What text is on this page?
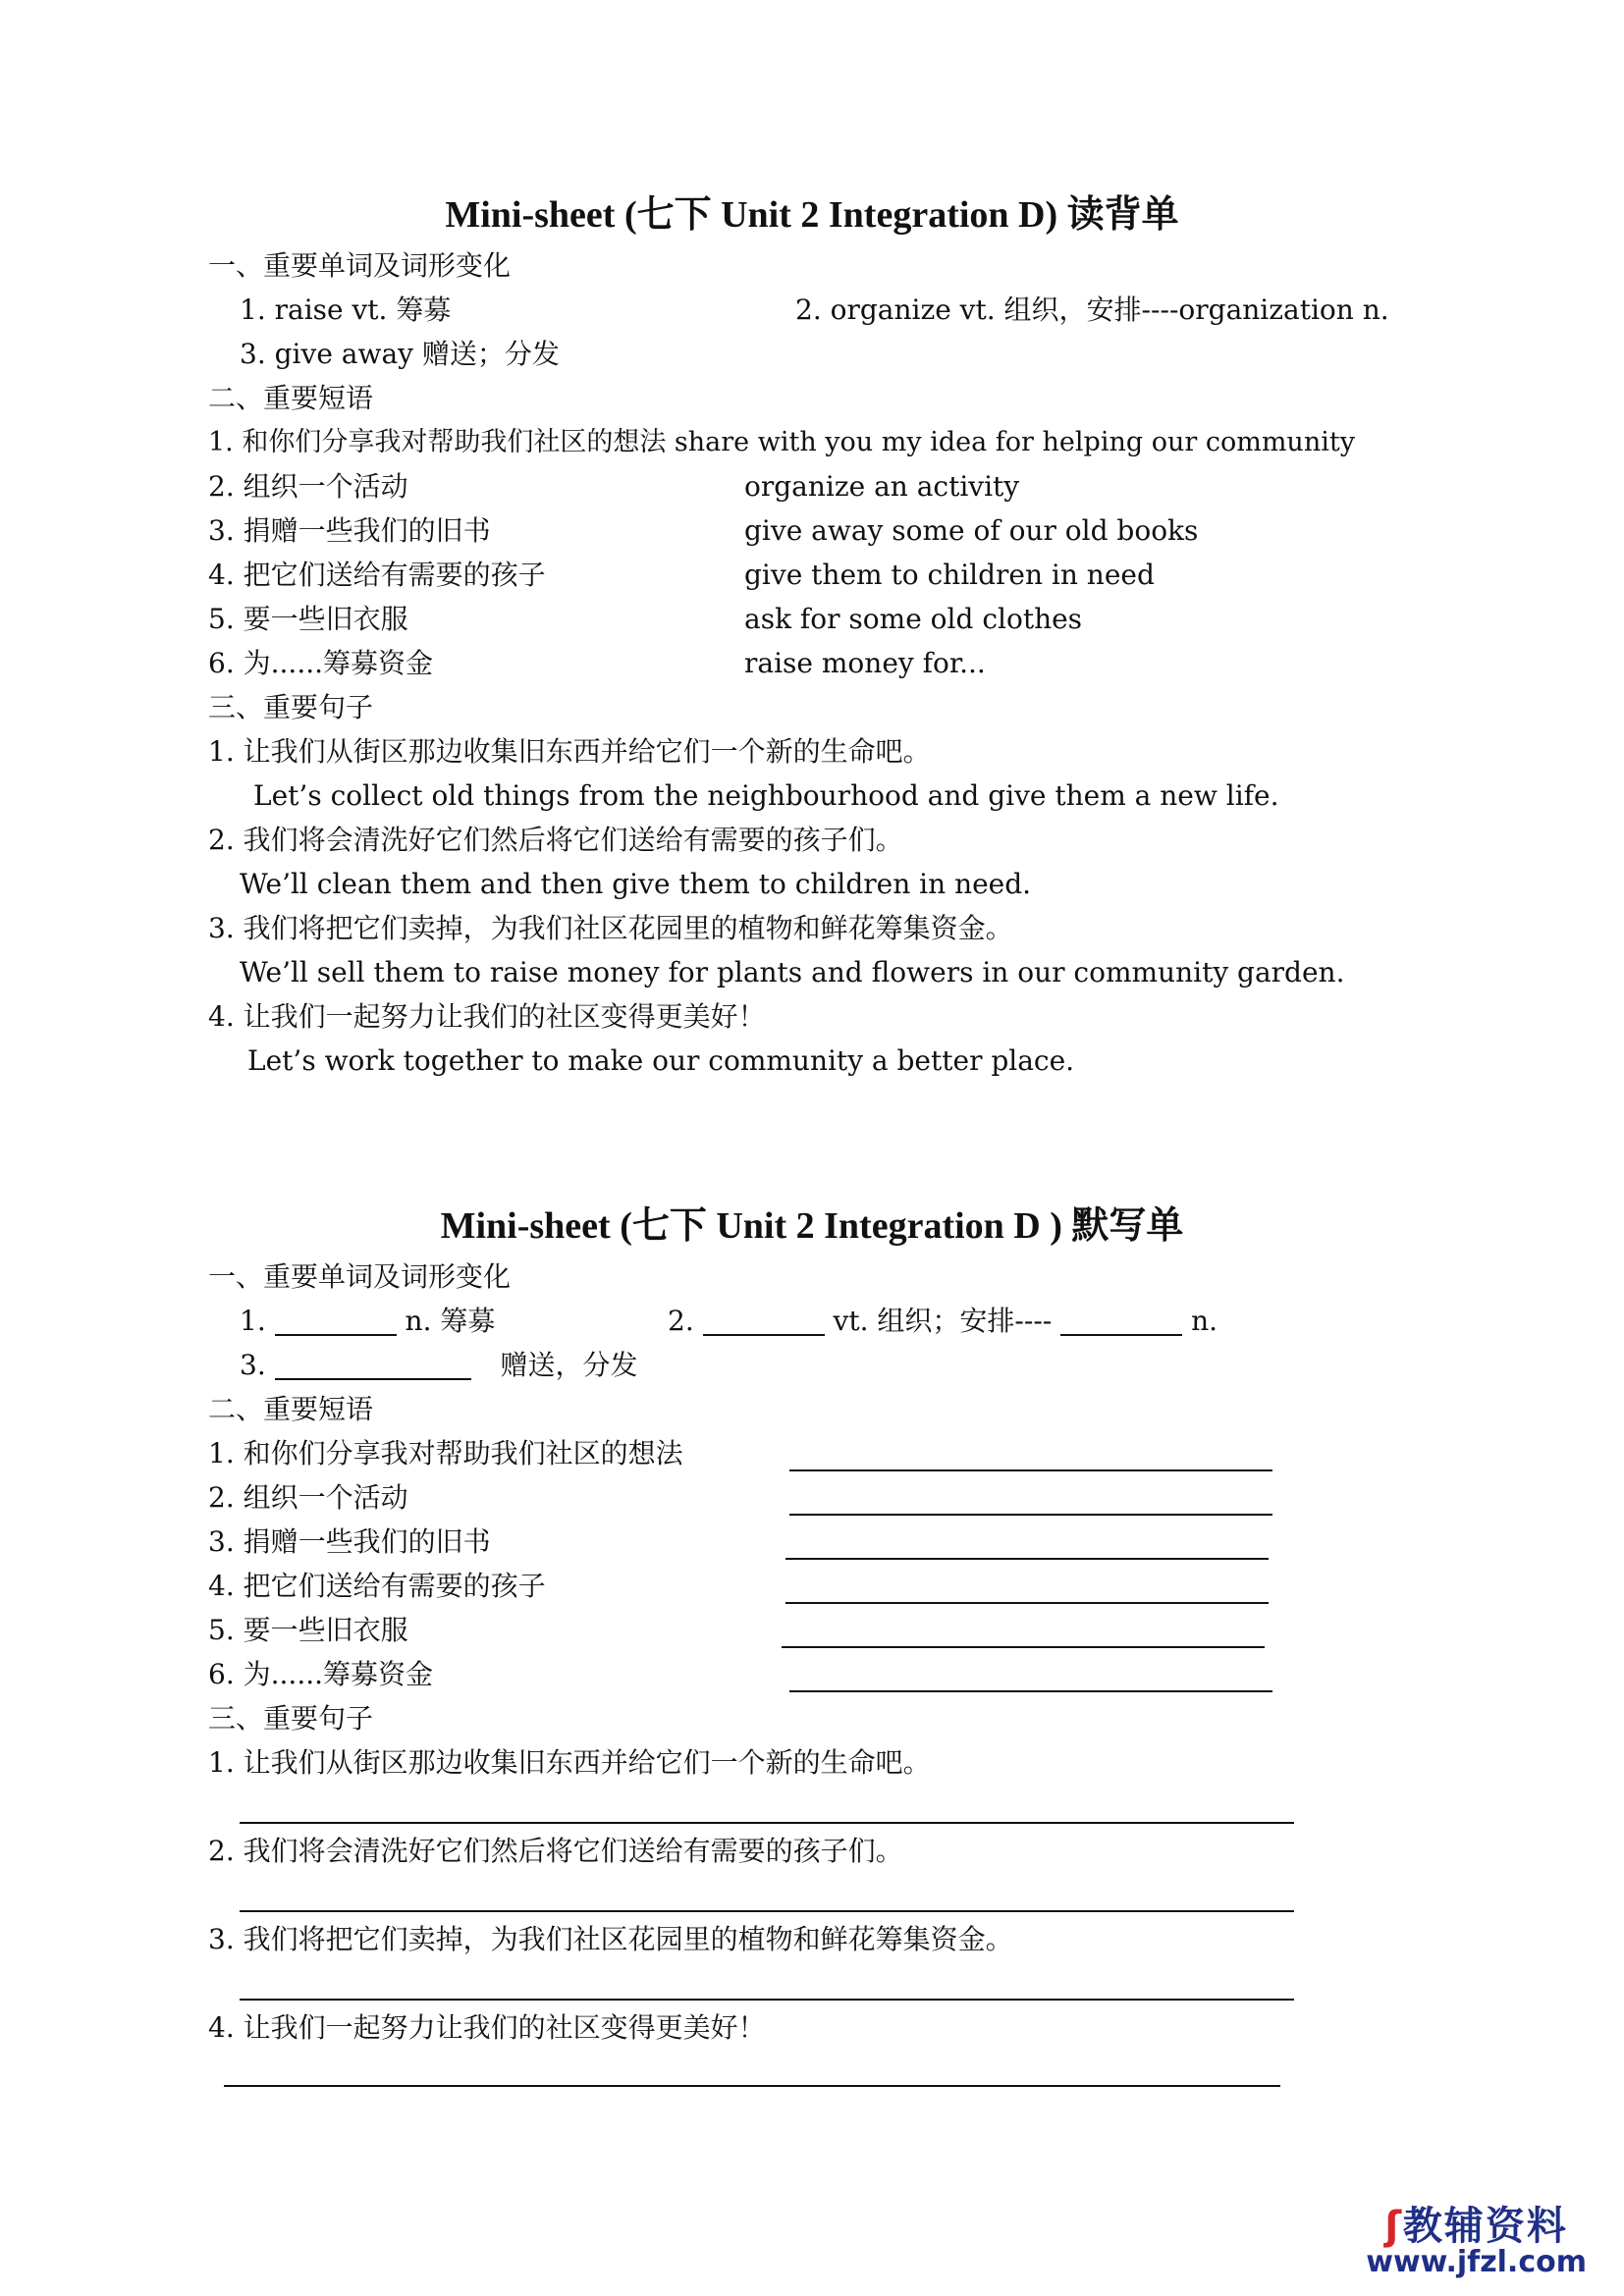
Mini-sheet (七下 Unit 2 Integration D) 读背单
一、重要单词及词形变化
1. raise vt. 筹募	2. organize vt. 组织，安排----organization n.
3. give away 赠送；分发
二、重要短语
1. 和你们分享我对帮助我们社区的想法 share with you my idea for helping our community
2. 组织一个活动	organize an activity
3. 捐赠一些我们的旧书	give away some of our old books
4. 把它们送给有需要的孩子	give them to children in need
5. 要一些旧衣服	ask for some old clothes
6. 为......筹募资金	raise money for...
三、重要句子
1. 让我们从街区那边收集旧东西并给它们一个新的生命吧。
Let’s collect old things from the neighbourhood and give them a new life.
2. 我们将会清洗好它们然后将它们送给有需要的孩子们。
We’ll clean them and then give them to children in need.
3. 我们将把它们卖掉，为我们社区花园里的植物和鲜花筹集资金。
We’ll sell them to raise money for plants and flowers in our community garden.
4. 让我们一起努力让我们的社区变得更美好！
Let’s work together to make our community a better place.
Mini-sheet (七下 Unit 2 Integration D ) 默写单
一、重要单词及词形变化
1.	n. 筹募	2.	vt. 组织；安排----	n.
3.	赠送，分发
二、重要短语
1. 和你们分享我对帮助我们社区的想法
2. 组织一个活动
3. 捐赠一些我们的旧书
4. 把它们送给有需要的孩子
5. 要一些旧衣服
6. 为......筹募资金
三、重要句子
1. 让我们从街区那边收集旧东西并给它们一个新的生命吧。
2. 我们将会清洗好它们然后将它们送给有需要的孩子们。
3. 我们将把它们卖掉，为我们社区花园里的植物和鲜花筹集资金。
4. 让我们一起努力让我们的社区变得更美好！
ʃ教辅资料
www.jfzl.com
